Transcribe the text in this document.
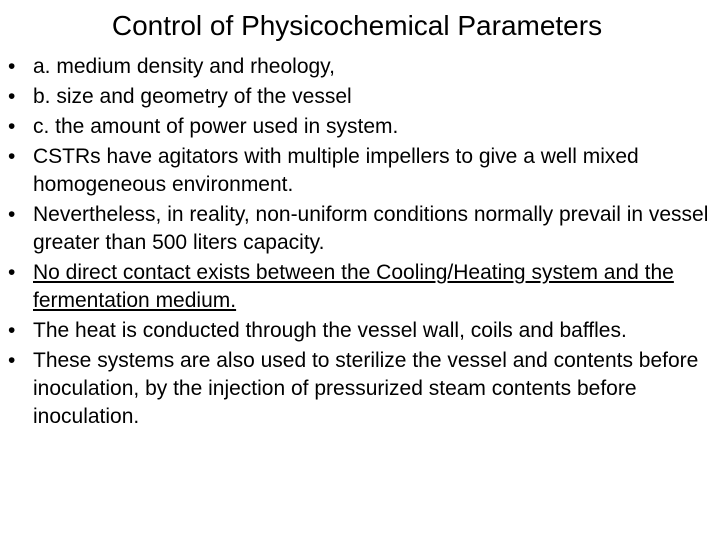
Control of Physicochemical Parameters
• a. medium density and rheology,
• b. size and geometry of the vessel
• c. the amount of power used in system.
• CSTRs have agitators with multiple impellers to give a well mixed homogeneous environment.
• Nevertheless, in reality, non-uniform conditions normally prevail in vessel greater than 500 liters capacity.
• No direct contact exists between the Cooling/Heating system and the fermentation medium.
• The heat is conducted through the vessel wall, coils and baffles.
• These systems are also used to sterilize the vessel and contents before inoculation, by the injection of pressurized steam contents before inoculation.
